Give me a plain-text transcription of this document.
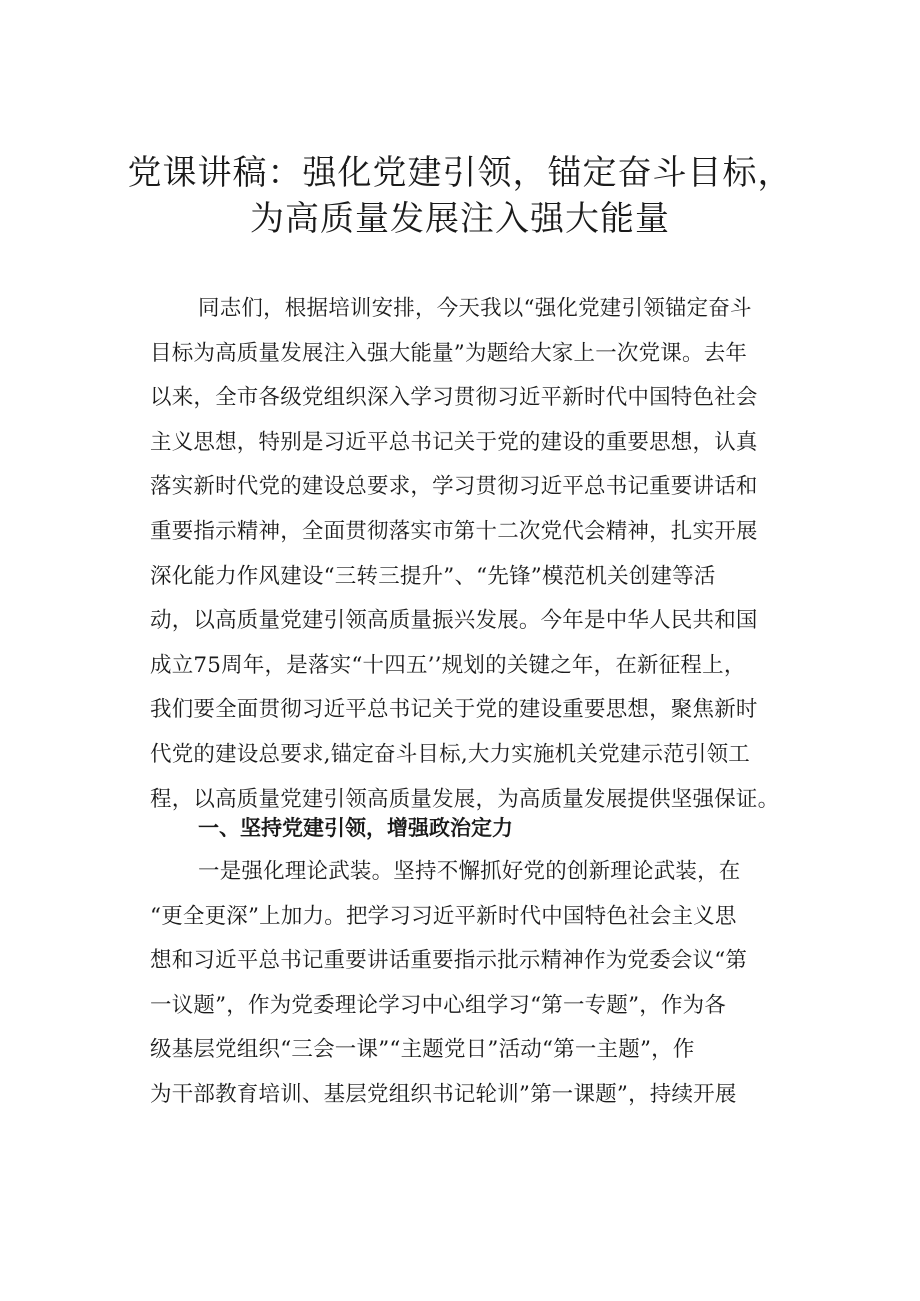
党课讲稿：强化党建引领，锚定奋斗目标，
为高质量发展注入强大能量
同志们，根据培训安排，今天我以“强化党建引领锚定奋斗
目标为高质量发展注入强大能量”为题给大家上一次党课。去年
以来，全市各级党组织深入学习贯彻习近平新时代中国特色社会
主义思想，特别是习近平总书记关于党的建设的重要思想，认真
落实新时代党的建设总要求，学习贯彻习近平总书记重要讲话和
重要指示精神，全面贯彻落实市第十二次党代会精神，扎实开展
深化能力作风建设“三转三提升”、“先锋”模范机关创建等活
动，以高质量党建引领高质量振兴发展。今年是中华人民共和国
成立75周年，是落实“十四五’’规划的关键之年，在新征程上，
我们要全面贯彻习近平总书记关于党的建设重要思想，聚焦新时
代党的建设总要求,锚定奋斗目标,大力实施机关党建示范引领工
程，以高质量党建引领高质量发展，为高质量发展提供坚强保证。
一、坚持党建引领，增强政治定力
一是强化理论武装。坚持不懈抓好党的创新理论武装，在
“更全更深”上加力。把学习习近平新时代中国特色社会主义思
想和习近平总书记重要讲话重要指示批示精神作为党委会议“第
一议题”，作为党委理论学习中心组学习“第一专题”，作为各
级基层党组织“三会一课”“主题党日”活动“第一主题”，作
为干部教育培训、基层党组织书记轮训”第一课题”，持续开展
